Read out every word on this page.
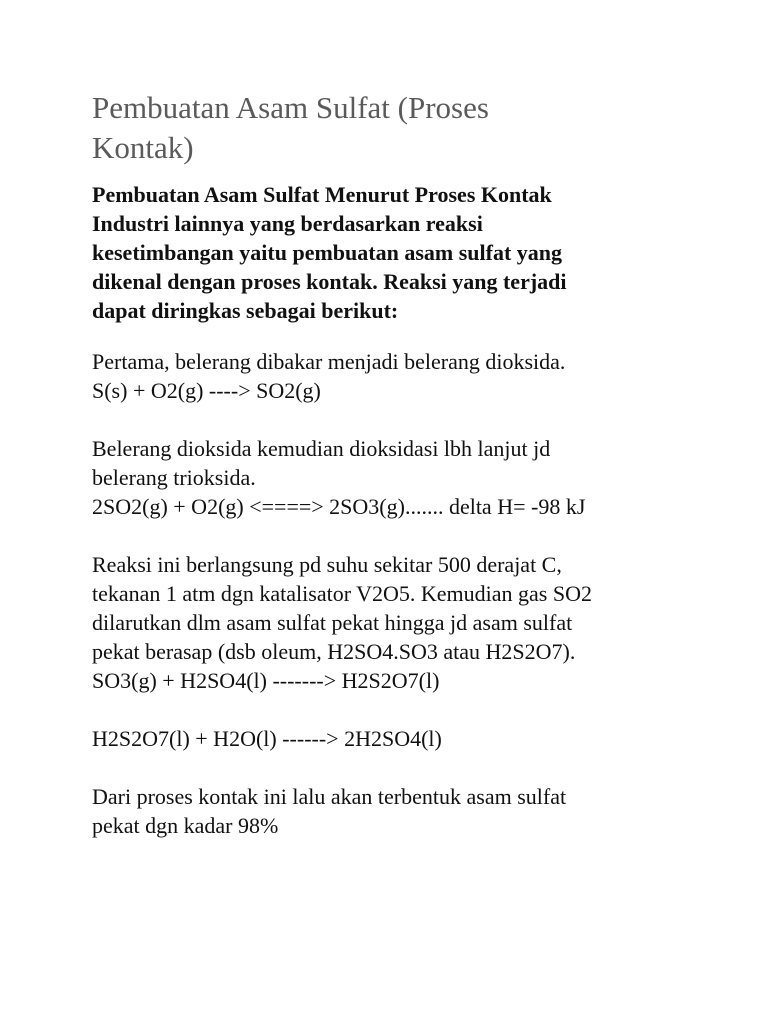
Pembuatan Asam Sulfat (Proses
Kontak)
Pembuatan Asam Sulfat Menurut Proses Kontak
Industri lainnya yang berdasarkan reaksi
kesetimbangan yaitu pembuatan asam sulfat yang
dikenal dengan proses kontak. Reaksi yang terjadi
dapat diringkas sebagai berikut:
Pertama, belerang dibakar menjadi belerang dioksida.
S(s) + O2(g) ----> SO2(g)
Belerang dioksida kemudian dioksidasi lbh lanjut jd
belerang trioksida.
2SO2(g) + O2(g) <====> 2SO3(g)....... delta H= -98 kJ
Reaksi ini berlangsung pd suhu sekitar 500 derajat C,
tekanan 1 atm dgn katalisator V2O5. Kemudian gas SO2
dilarutkan dlm asam sulfat pekat hingga jd asam sulfat
pekat berasap (dsb oleum, H2SO4.SO3 atau H2S2O7).
SO3(g) + H2SO4(l) -------> H2S2O7(l)
H2S2O7(l) + H2O(l) ------> 2H2SO4(l)
Dari proses kontak ini lalu akan terbentuk asam sulfat
pekat dgn kadar 98%
